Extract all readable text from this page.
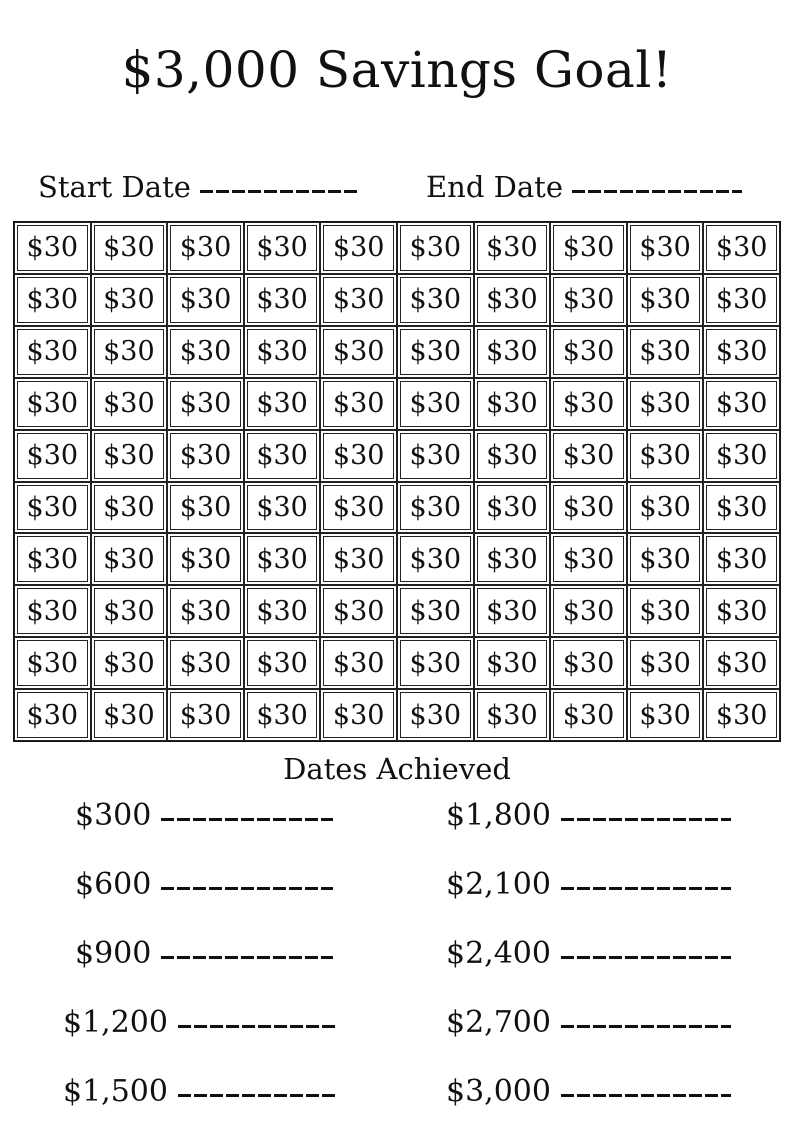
$3,000 Savings Goal!
Start Date	End Date
$30 $30 $30 $30 $30 $30 $30 $30 $30 $30
$30 $30 $30 $30 $30 $30 $30 $30 $30 $30
$30 $30 $30 $30 $30 $30 $30 $30 $30 $30
$30 $30 $30 $30 $30 $30 $30 $30 $30 $30
$30 $30 $30 $30 $30 $30 $30 $30 $30 $30
$30 $30 $30 $30 $30 $30 $30 $30 $30 $30
$30 $30 $30 $30 $30 $30 $30 $30 $30 $30
$30 $30 $30 $30 $30 $30 $30 $30 $30 $30
$30 $30 $30 $30 $30 $30 $30 $30 $30 $30
$30 $30 $30 $30 $30 $30 $30 $30 $30 $30
Dates Achieved
$300
$600
$900
$1,200
$1,500
$1,800
$2,100
$2,400
$2,700
$3,000
